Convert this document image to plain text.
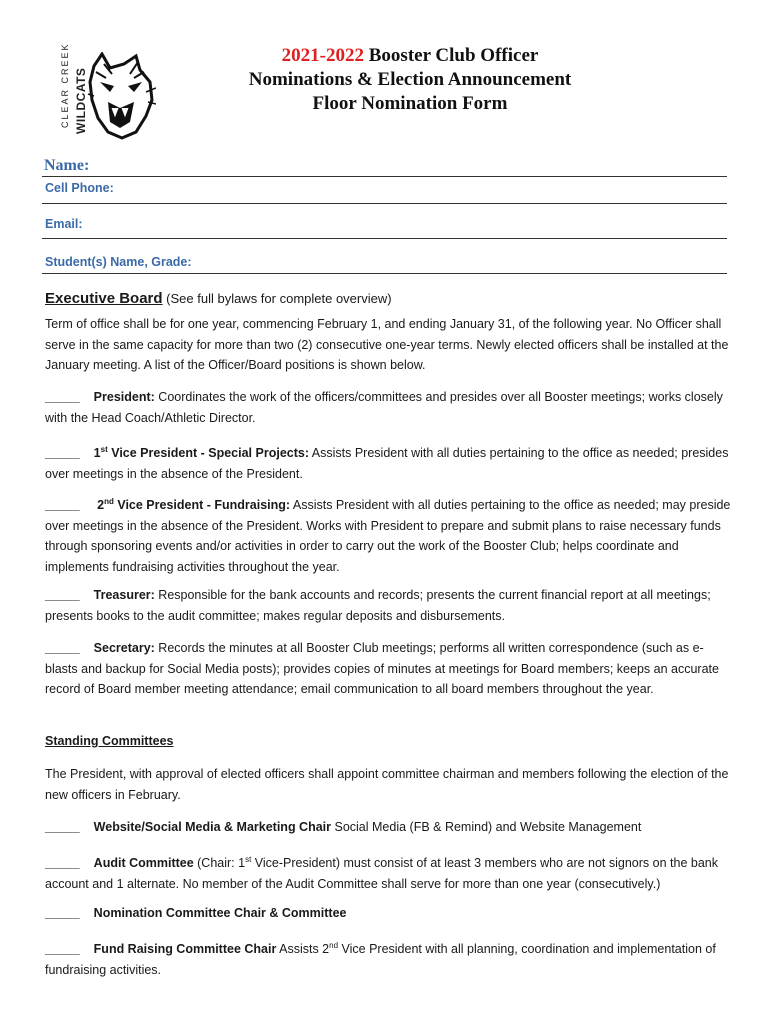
CLEAR CREEK WILDCATS
2021-2022 Booster Club Officer
Nominations & Election Announcement
Floor Nomination Form
Name:
Cell Phone:
Email:
Student(s) Name, Grade:
Executive Board (See full bylaws for complete overview)
Term of office shall be for one year, commencing February 1, and ending January 31, of the following year. No Officer shall serve in the same capacity for more than two (2) consecutive one-year terms. Newly elected officers shall be installed at the January meeting. A list of the Officer/Board positions is shown below.
_____ President: Coordinates the work of the officers/committees and presides over all Booster meetings; works closely with the Head Coach/Athletic Director.
_____ 1st Vice President - Special Projects: Assists President with all duties pertaining to the office as needed; presides over meetings in the absence of the President.
_____ 2nd Vice President - Fundraising: Assists President with all duties pertaining to the office as needed; may preside over meetings in the absence of the President. Works with President to prepare and submit plans to raise necessary funds through sponsoring events and/or activities in order to carry out the work of the Booster Club; helps coordinate and implements fundraising activities throughout the year.
_____ Treasurer: Responsible for the bank accounts and records; presents the current financial report at all meetings; presents books to the audit committee; makes regular deposits and disbursements.
_____ Secretary: Records the minutes at all Booster Club meetings; performs all written correspondence (such as e-blasts and backup for Social Media posts); provides copies of minutes at meetings for Board members; keeps an accurate record of Board member meeting attendance; email communication to all board members throughout the year.
Standing Committees
The President, with approval of elected officers shall appoint committee chairman and members following the election of the new officers in February.
_____ Website/Social Media & Marketing Chair Social Media (FB & Remind) and Website Management
_____ Audit Committee (Chair: 1st Vice-President) must consist of at least 3 members who are not signors on the bank account and 1 alternate. No member of the Audit Committee shall serve for more than one year (consecutively.)
_____ Nomination Committee Chair & Committee
_____ Fund Raising Committee Chair Assists 2nd Vice President with all planning, coordination and implementation of fundraising activities.
